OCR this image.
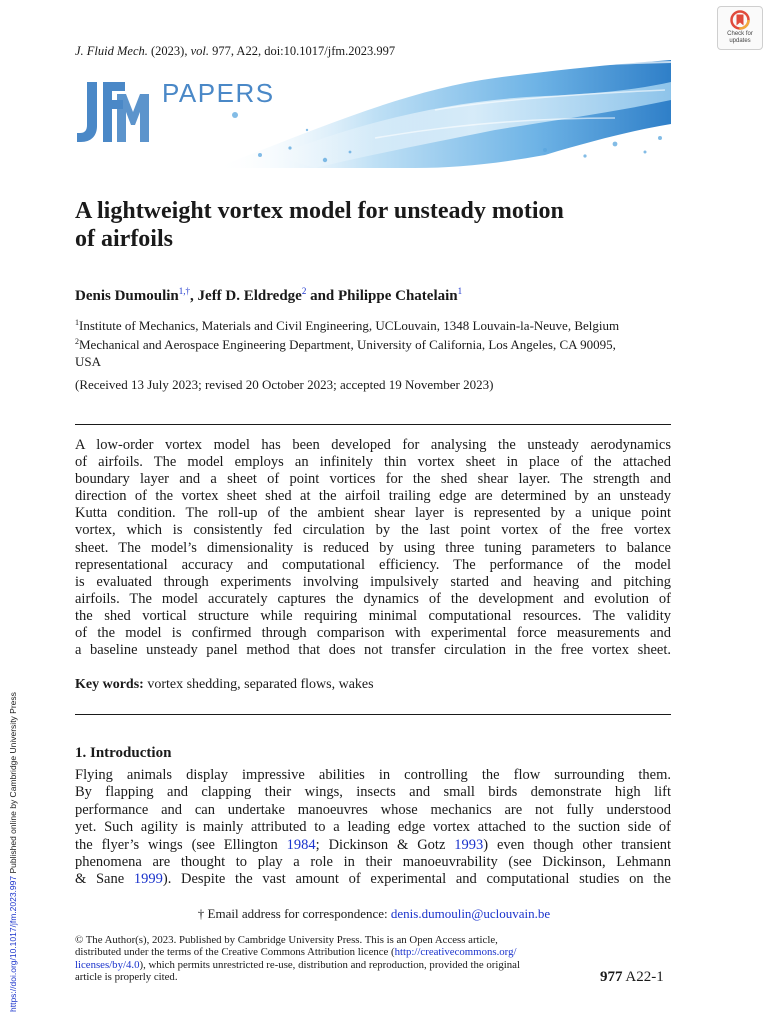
J. Fluid Mech. (2023), vol. 977, A22, doi:10.1017/jfm.2023.997
Check for
updates
PAPERS
A lightweight vortex model for unsteady motion
of airfoils
Denis Dumoulin$^{1,\dagger}$, Jeff D. Eldredge$^2$ and Philippe Chatelain$^1$
$^1$Institute of Mechanics, Materials and Civil Engineering, UCLouvain, 1348 Louvain-la-Neuve, Belgium
$^2$Mechanical and Aerospace Engineering Department, University of California, Los Angeles, CA 90095,
USA
(Received 13 July 2023; revised 20 October 2023; accepted 19 November 2023)
A low-order vortex model has been developed for analysing the unsteady aerodynamics
of airfoils. The model employs an infinitely thin vortex sheet in place of the attached
boundary layer and a sheet of point vortices for the shed shear layer. The strength and
direction of the vortex sheet shed at the airfoil trailing edge are determined by an unsteady
Kutta condition. The roll-up of the ambient shear layer is represented by a unique point
vortex, which is consistently fed circulation by the last point vortex of the free vortex
sheet. The model’s dimensionality is reduced by using three tuning parameters to balance
representational accuracy and computational efficiency. The performance of the model
is evaluated through experiments involving impulsively started and heaving and pitching
airfoils. The model accurately captures the dynamics of the development and evolution of
the shed vortical structure while requiring minimal computational resources. The validity
of the model is confirmed through comparison with experimental force measurements and
a baseline unsteady panel method that does not transfer circulation in the free vortex sheet.
Key words: vortex shedding, separated flows, wakes
1. Introduction
Flying animals display impressive abilities in controlling the flow surrounding them.
By flapping and clapping their wings, insects and small birds demonstrate high lift
performance and can undertake manoeuvres whose mechanics are not fully understood
yet. Such agility is mainly attributed to a leading edge vortex attached to the suction side of
the flyer’s wings (see Ellington 1984; Dickinson & Gotz 1993) even though other transient
phenomena are thought to play a role in their manoeuvrability (see Dickinson, Lehmann
& Sane 1999). Despite the vast amount of experimental and computational studies on the
† Email address for correspondence: denis.dumoulin@uclouvain.be
© The Author(s), 2023. Published by Cambridge University Press. This is an Open Access article,
distributed under the terms of the Creative Commons Attribution licence (http://creativecommons.org/
licenses/by/4.0), which permits unrestricted re-use, distribution and reproduction, provided the original
article is properly cited.	977 A22-1
https://doi.org/10.1017/jfm.2023.997 Published online by Cambridge University Press
